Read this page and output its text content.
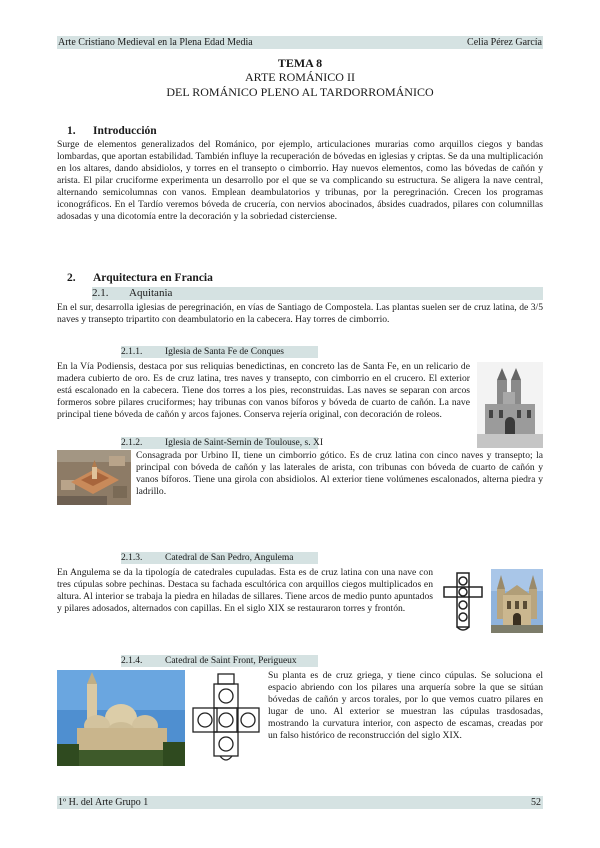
Arte Cristiano Medieval en la Plena Edad Media	Celia Pérez García
TEMA 8
ARTE ROMÁNICO II
DEL ROMÁNICO PLENO AL TARDORROMÁNICO
1. Introducción

Surge de elementos generalizados del Románico, por ejemplo, articulaciones murarias como arquillos ciegos y bandas lombardas, que aportan estabilidad. También influye la recuperación de bóvedas en iglesias y criptas. Se da una multiplicación en los altares, dando absidiolos, y torres en el transepto o cimborrio. Hay nuevos elementos, como las bóvedas de cañón y arista. El pilar cruciforme experimenta un desarrollo por el que se va complicando su estructura. Se aligera la nave central, alternando semicolumnas con vanos. Emplean deambulatorios y tribunas, por la peregrinación. Crecen los programas iconográficos. En el Tardío veremos bóveda de crucería, con nervios abocinados, ábsides cuadrados, pilares con columnillas adosadas y una dicotomía entre la decoración y la sobriedad cisterciense.

2. Arquitectura en Francia
2.1. Aquitania

En el sur, desarrolla iglesias de peregrinación, en vías de Santiago de Compostela. Las plantas suelen ser de cruz latina, de 3/5 naves y transepto tripartito con deambulatorio en la cabecera. Hay torres de cimborrio.

2.1.1. Iglesia de Santa Fe de Conques

En la Vía Podiensis, destaca por sus reliquias benedictinas, en concreto las de Santa Fe, en un relicario de madera cubierto de oro. Es de cruz latina, tres naves y transepto, con cimborrio en el crucero. El exterior está escalonado en la cabecera. Tiene dos torres a los pies, reconstruidas. Las naves se separan con arcos formeros sobre pilares cruciformes; hay tribunas con vanos bíforos y bóveda de cuarto de cañón. La nave principal tiene bóveda de cañón y arcos fajones. Conserva rejería original, con decoración de roleos.

2.1.2. Iglesia de Saint-Sernin de Toulouse, s. XI

Consagrada por Urbino II, tiene un cimborrio gótico. Es de cruz latina con cinco naves y transepto; la principal con bóveda de cañón y las laterales de arista, con tribunas con bóveda de cuarto de cañón y vanos bíforos. Tiene una girola con absidiolos. Al exterior tiene volúmenes escalonados, alterna piedra y ladrillo.

2.1.3. Catedral de San Pedro, Angulema

En Angulema se da la tipología de catedrales cupuladas. Esta es de cruz latina con una nave con tres cúpulas sobre pechinas. Destaca su fachada escultórica con arquillos ciegos multiplicados en altura. Al interior se trabaja la piedra en hiladas de sillares. Tiene arcos de medio punto apuntados y pilares adosados, alternados con capillas. En el siglo XIX se restauraron torres y frontón.

2.1.4. Catedral de Saint Front, Perigueux

Su planta es de cruz griega, y tiene cinco cúpulas. Se soluciona el espacio abriendo con los pilares una arquería sobre la que se sitúan bóvedas de cañón y arcos torales, por lo que vemos cuatro pilares en lugar de uno. Al exterior se muestran las cúpulas trasdosadas, mostrando la curvatura interior, con aspecto de escamas, creadas por un falso histórico de reconstrucción del siglo XIX.

1º H. del Arte Grupo 1	52
